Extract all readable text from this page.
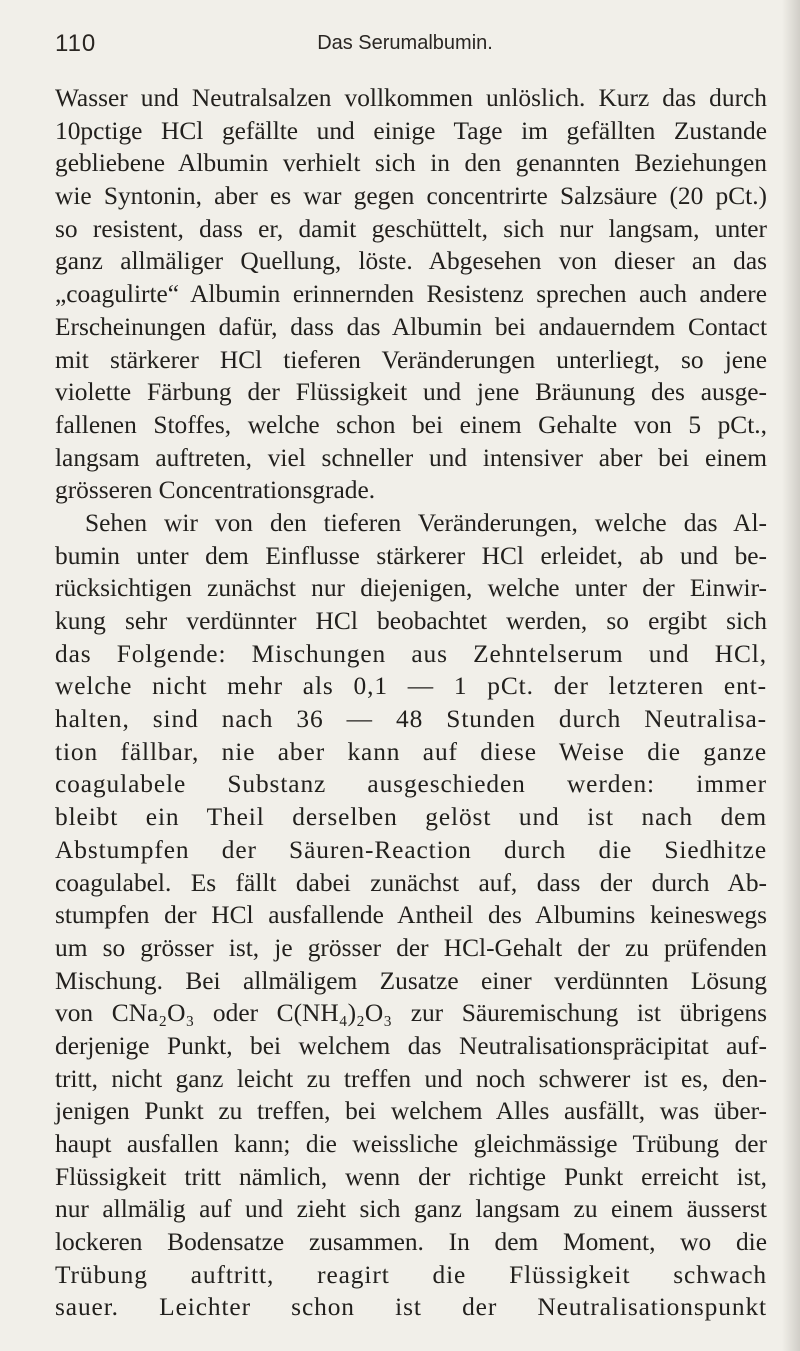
110	Das Serumalbumin.
Wasser und Neutralsalzen vollkommen unlöslich. Kurz das durch
10pctige HCl gefällte und einige Tage im gefällten Zustande
gebliebene Albumin verhielt sich in den genannten Beziehungen
wie Syntonin, aber es war gegen concentrirte Salzsäure (20 pCt.)
so resistent, dass er, damit geschüttelt, sich nur langsam, unter
ganz allmäliger Quellung, löste. Abgesehen von dieser an das
„coagulirte“ Albumin erinnernden Resistenz sprechen auch andere
Erscheinungen dafür, dass das Albumin bei andauerndem Contact
mit stärkerer HCl tieferen Veränderungen unterliegt, so jene
violette Färbung der Flüssigkeit und jene Bräunung des ausge-
fallenen Stoffes, welche schon bei einem Gehalte von 5 pCt.,
langsam auftreten, viel schneller und intensiver aber bei einem
grösseren Concentrationsgrade.
Sehen wir von den tieferen Veränderungen, welche das Al-
bumin unter dem Einflusse stärkerer HCl erleidet, ab und be-
rücksichtigen zunächst nur diejenigen, welche unter der Einwir-
kung sehr verdünnter HCl beobachtet werden, so ergibt sich
das Folgende: Mischungen aus Zehntelserum und HCl,
welche nicht mehr als 0,1 — 1 pCt. der letzteren ent-
halten, sind nach 36 — 48 Stunden durch Neutralisa-
tion fällbar, nie aber kann auf diese Weise die ganze
coagulabele Substanz ausgeschieden werden: immer
bleibt ein Theil derselben gelöst und ist nach dem
Abstumpfen der Säuren-Reaction durch die Siedhitze
coagulabel. Es fällt dabei zunächst auf, dass der durch Ab-
stumpfen der HCl ausfallende Antheil des Albumins keineswegs
um so grösser ist, je grösser der HCl-Gehalt der zu prüfenden
Mischung. Bei allmäligem Zusatze einer verdünnten Lösung
von CNa₂O₃ oder C(NH₄)₂O₃ zur Säuremischung ist übrigens
derjenige Punkt, bei welchem das Neutralisationspräcipitat auf-
tritt, nicht ganz leicht zu treffen und noch schwerer ist es, den-
jenigen Punkt zu treffen, bei welchem Alles ausfällt, was über-
haupt ausfallen kann; die weissliche gleichmässige Trübung der
Flüssigkeit tritt nämlich, wenn der richtige Punkt erreicht ist,
nur allmälig auf und zieht sich ganz langsam zu einem äusserst
lockeren Bodensatze zusammen. In dem Moment, wo die
Trübung auftritt, reagirt die Flüssigkeit schwach
sauer. Leichter schon ist der Neutralisationspunkt
